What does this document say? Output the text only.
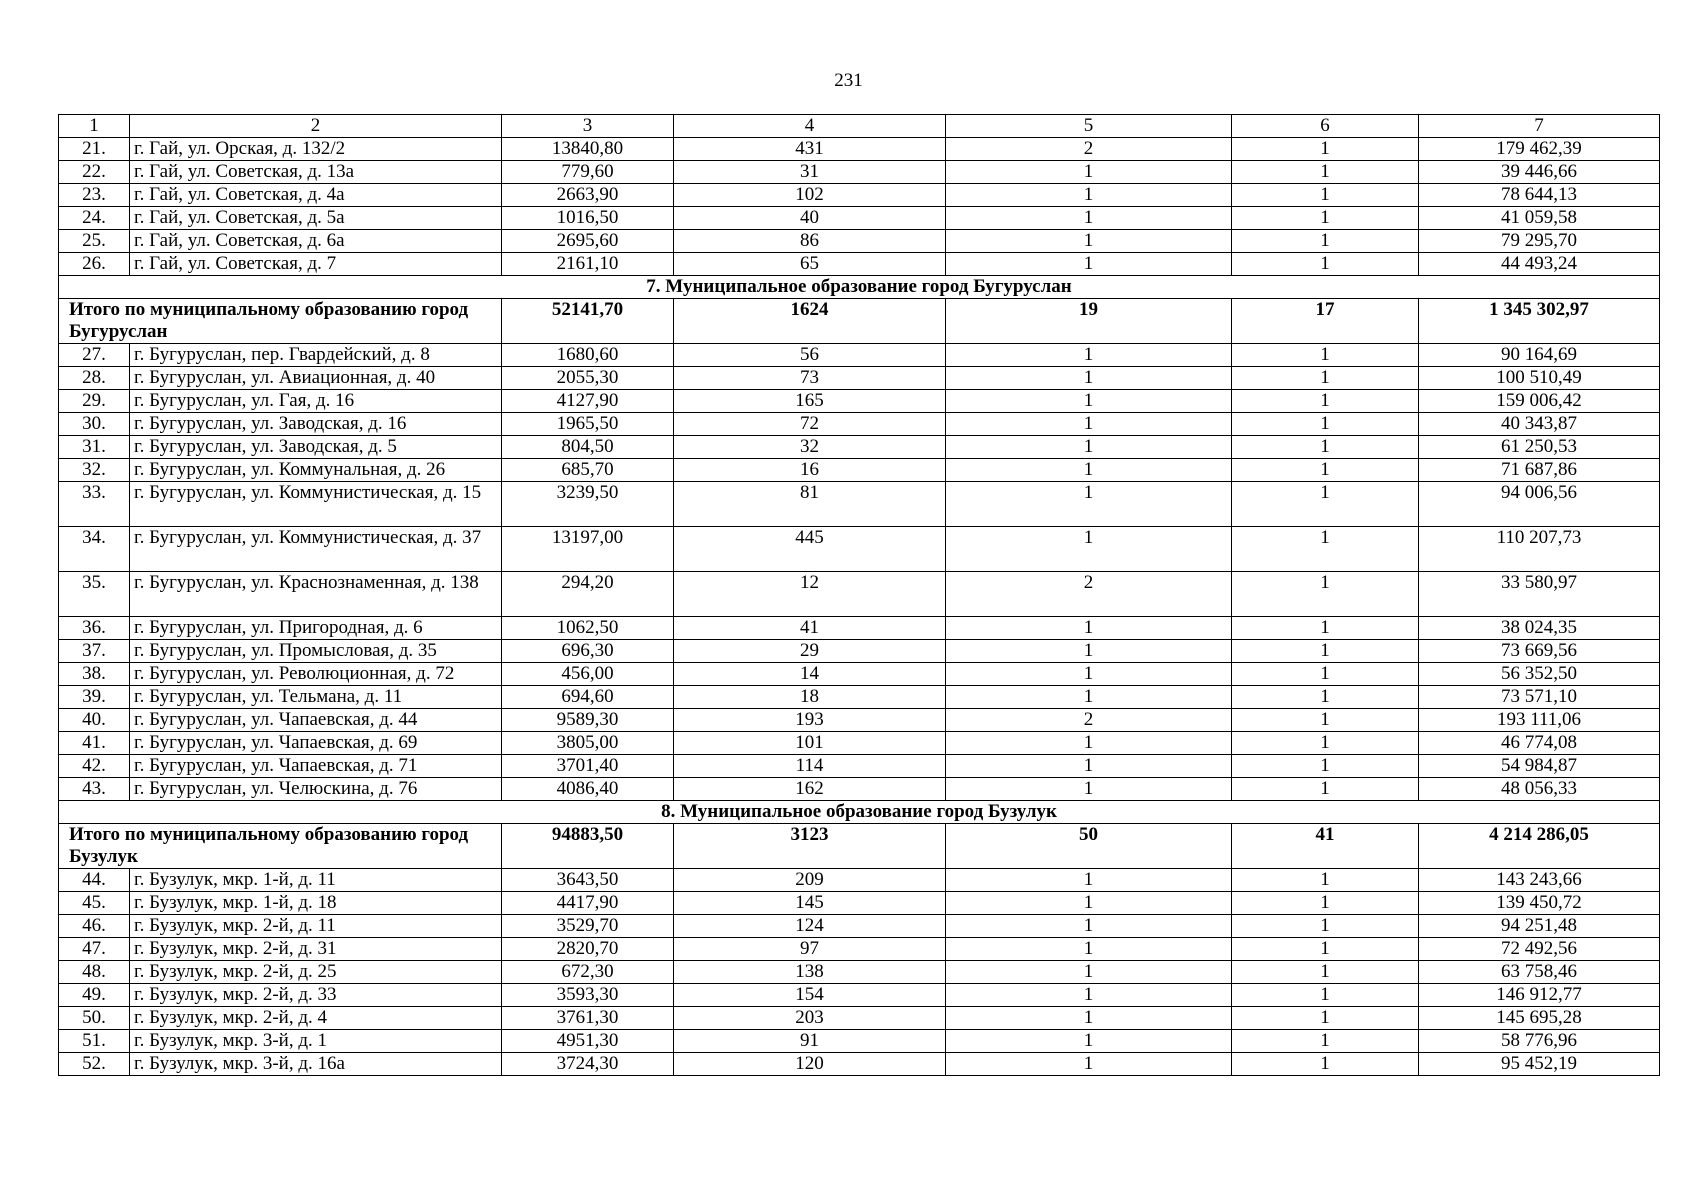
231
1	2	3	4	5	6	7
21.	г. Гай, ул. Орская, д. 132/2	13840,80	431	2	1	179 462,39
22.	г. Гай, ул. Советская, д. 13а	779,60	31	1	1	39 446,66
23.	г. Гай, ул. Советская, д. 4а	2663,90	102	1	1	78 644,13
24.	г. Гай, ул. Советская, д. 5а	1016,50	40	1	1	41 059,58
25.	г. Гай, ул. Советская, д. 6а	2695,60	86	1	1	79 295,70
26.	г. Гай, ул. Советская, д. 7	2161,10	65	1	1	44 493,24
7. Муниципальное образование город Бугуруслан						
Итого по муниципальному образованию город Бугуруслан		52141,70	1624	19	17	1 345 302,97
27.	г. Бугуруслан, пер. Гвардейский, д. 8	1680,60	56	1	1	90 164,69
28.	г. Бугуруслан, ул. Авиационная, д. 40	2055,30	73	1	1	100 510,49
29.	г. Бугуруслан, ул. Гая, д. 16	4127,90	165	1	1	159 006,42
30.	г. Бугуруслан, ул. Заводская, д. 16	1965,50	72	1	1	40 343,87
31.	г. Бугуруслан, ул. Заводская, д. 5	804,50	32	1	1	61 250,53
32.	г. Бугуруслан, ул. Коммунальная, д. 26	685,70	16	1	1	71 687,86
33.	г. Бугуруслан, ул. Коммунистическая, д. 15	3239,50	81	1	1	94 006,56
34.	г. Бугуруслан, ул. Коммунистическая, д. 37	13197,00	445	1	1	110 207,73
35.	г. Бугуруслан, ул. Краснознаменная, д. 138	294,20	12	2	1	33 580,97
36.	г. Бугуруслан, ул. Пригородная, д. 6	1062,50	41	1	1	38 024,35
37.	г. Бугуруслан, ул. Промысловая, д. 35	696,30	29	1	1	73 669,56
38.	г. Бугуруслан, ул. Революционная, д. 72	456,00	14	1	1	56 352,50
39.	г. Бугуруслан, ул. Тельмана, д. 11	694,60	18	1	1	73 571,10
40.	г. Бугуруслан, ул. Чапаевская, д. 44	9589,30	193	2	1	193 111,06
41.	г. Бугуруслан, ул. Чапаевская, д. 69	3805,00	101	1	1	46 774,08
42.	г. Бугуруслан, ул. Чапаевская, д. 71	3701,40	114	1	1	54 984,87
43.	г. Бугуруслан, ул. Челюскина, д. 76	4086,40	162	1	1	48 056,33
8. Муниципальное образование город Бузулук						
Итого по муниципальному образованию город Бузулук		94883,50	3123	50	41	4 214 286,05
44.	г. Бузулук, мкр. 1-й, д. 11	3643,50	209	1	1	143 243,66
45.	г. Бузулук, мкр. 1-й, д. 18	4417,90	145	1	1	139 450,72
46.	г. Бузулук, мкр. 2-й, д. 11	3529,70	124	1	1	94 251,48
47.	г. Бузулук, мкр. 2-й, д. 31	2820,70	97	1	1	72 492,56
48.	г. Бузулук, мкр. 2-й, д. 25	672,30	138	1	1	63 758,46
49.	г. Бузулук, мкр. 2-й, д. 33	3593,30	154	1	1	146 912,77
50.	г. Бузулук, мкр. 2-й, д. 4	3761,30	203	1	1	145 695,28
51.	г. Бузулук, мкр. 3-й, д. 1	4951,30	91	1	1	58 776,96
52.	г. Бузулук, мкр. 3-й, д. 16а	3724,30	120	1	1	95 452,19
